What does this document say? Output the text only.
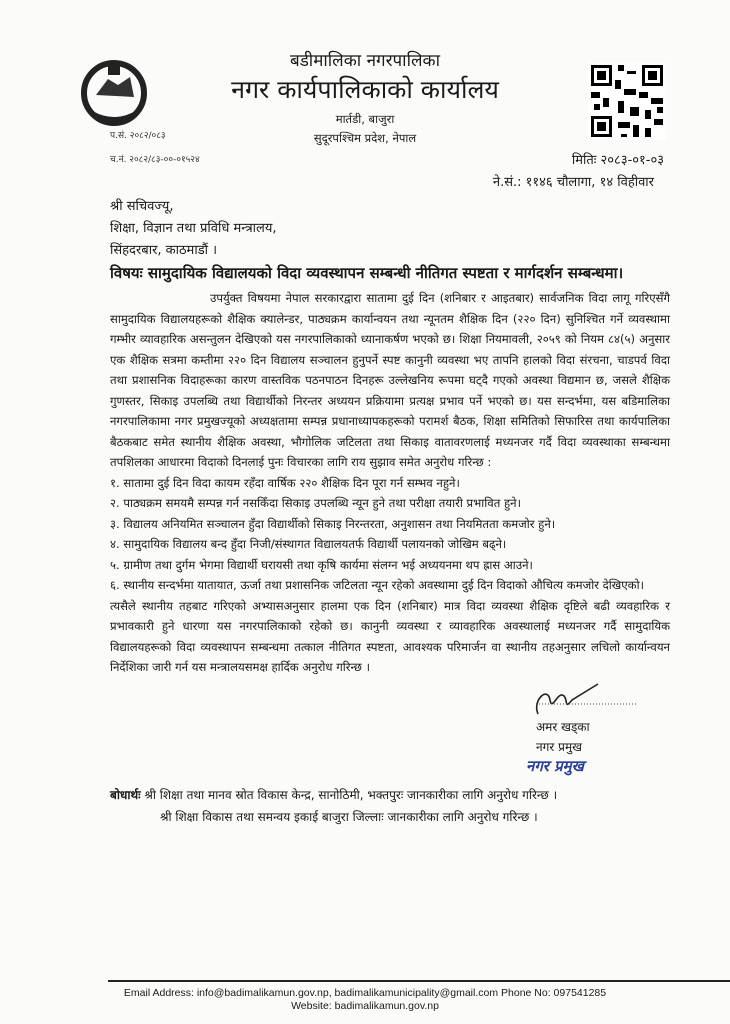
बडीमालिका नगरपालिका
नगर कार्यपालिकाको कार्यालय
मार्तडी, बाजुरा
सुदूरपश्चिम प्रदेश, नेपाल
प.सं. २०८२/०८३
च.नं. २०८२/८३-००-०१५२४	मितिः २०८३-०१-०३
ने.सं.: ११४६ चौलागा, १४ विहीवार
श्री सचिवज्यू,
शिक्षा, विज्ञान तथा प्रविधि मन्त्रालय,
सिंहदरबार, काठमाडौं ।
विषयः सामुदायिक विद्यालयको विदा व्यवस्थापन सम्बन्धी नीतिगत स्पष्टता र मार्गदर्शन सम्बन्धमा।

उपर्युक्त विषयमा नेपाल सरकारद्वारा सातामा दुई दिन (शनिबार र आइतबार) सार्वजनिक विदा लागू गरिएसँगै सामुदायिक विद्यालयहरूको शैक्षिक क्यालेन्डर, पाठ्यक्रम कार्यान्वयन तथा न्यूनतम शैक्षिक दिन (२२० दिन) सुनिश्चित गर्ने व्यवस्थामा गम्भीर व्यावहारिक असन्तुलन देखिएको यस नगरपालिकाको ध्यानाकर्षण भएको छ। शिक्षा नियमावली, २०५९ को नियम ८४(५) अनुसार एक शैक्षिक सत्रमा कम्तीमा २२० दिन विद्यालय सञ्चालन हुनुपर्ने स्पष्ट कानुनी व्यवस्था भए तापनि हालको विदा संरचना, चाडपर्व विदा तथा प्रशासनिक विदाहरूका कारण वास्तविक पठनपाठन दिनहरू उल्लेखनिय रूपमा घट्दै गएको अवस्था विद्यमान छ, जसले शैक्षिक गुणस्तर, सिकाइ उपलब्धि तथा विद्यार्थीको निरन्तर अध्ययन प्रक्रियामा प्रत्यक्ष प्रभाव पर्ने भएको छ। यस सन्दर्भमा, यस बडिमालिका नगरपालिकामा नगर प्रमुखज्यूको अध्यक्षतामा सम्पन्न प्रधानाध्यापकहरूको परामर्श बैठक, शिक्षा समितिको सिफारिस तथा कार्यपालिका बैठकबाट समेत स्थानीय शैक्षिक अवस्था, भौगोलिक जटिलता तथा सिकाइ वातावरणलाई मध्यनजर गर्दै विदा व्यवस्थाका सम्बन्धमा तपशिलका आधारमा विदाको दिनलाई पुनः विचारका लागि राय सुझाव समेत अनुरोध गरिन्छ :

१. सातामा दुई दिन विदा कायम रहँदा वार्षिक २२० शैक्षिक दिन पूरा गर्न सम्भव नहुने।

२. पाठ्यक्रम समयमै सम्पन्न गर्न नसकिँदा सिकाइ उपलब्धि न्यून हुने तथा परीक्षा तयारी प्रभावित हुने।

३. विद्यालय अनियमित सञ्चालन हुँदा विद्यार्थीको सिकाइ निरन्तरता, अनुशासन तथा नियमितता कमजोर हुने।

४. सामुदायिक विद्यालय बन्द हुँदा निजी/संस्थागत विद्यालयतर्फ विद्यार्थी पलायनको जोखिम बढ्ने।

५. ग्रामीण तथा दुर्गम भेगमा विद्यार्थी घरायसी तथा कृषि कार्यमा संलग्न भई अध्ययनमा थप ह्रास आउने।

६. स्थानीय सन्दर्भमा यातायात, ऊर्जा तथा प्रशासनिक जटिलता न्यून रहेको अवस्थामा दुई दिन विदाको औचित्य कमजोर देखिएको।

त्यसैले स्थानीय तहबाट गरिएको अभ्यासअनुसार हालमा एक दिन (शनिबार) मात्र विदा व्यवस्था शैक्षिक दृष्टिले बढी व्यवहारिक र प्रभावकारी हुने धारणा यस नगरपालिकाको रहेको छ। कानुनी व्यवस्था र व्यावहारिक अवस्थालाई मध्यनजर गर्दै सामुदायिक विद्यालयहरूको विदा व्यवस्थापन सम्बन्धमा तत्काल नीतिगत स्पष्टता, आवश्यक परिमार्जन वा स्थानीय तहअनुसार लचिलो कार्यान्वयन निर्देशिका जारी गर्न यस मन्त्रालयसमक्ष हार्दिक अनुरोध गरिन्छ ।

अमर खड्का
नगर प्रमुख
नगर प्रमुख
बोधार्थः श्री शिक्षा तथा मानव स्रोत विकास केन्द्र, सानोठिमी, भक्तपुरः जानकारीका लागि अनुरोध गरिन्छ ।
श्री शिक्षा विकास तथा समन्वय इकाई बाजुरा जिल्लाः जानकारीका लागि अनुरोध गरिन्छ ।
Email Address: info@badimalikamun.gov.np, badimalikamunicipality@gmail.com Phone No: 097541285
Website: badimalikamun.gov.np
